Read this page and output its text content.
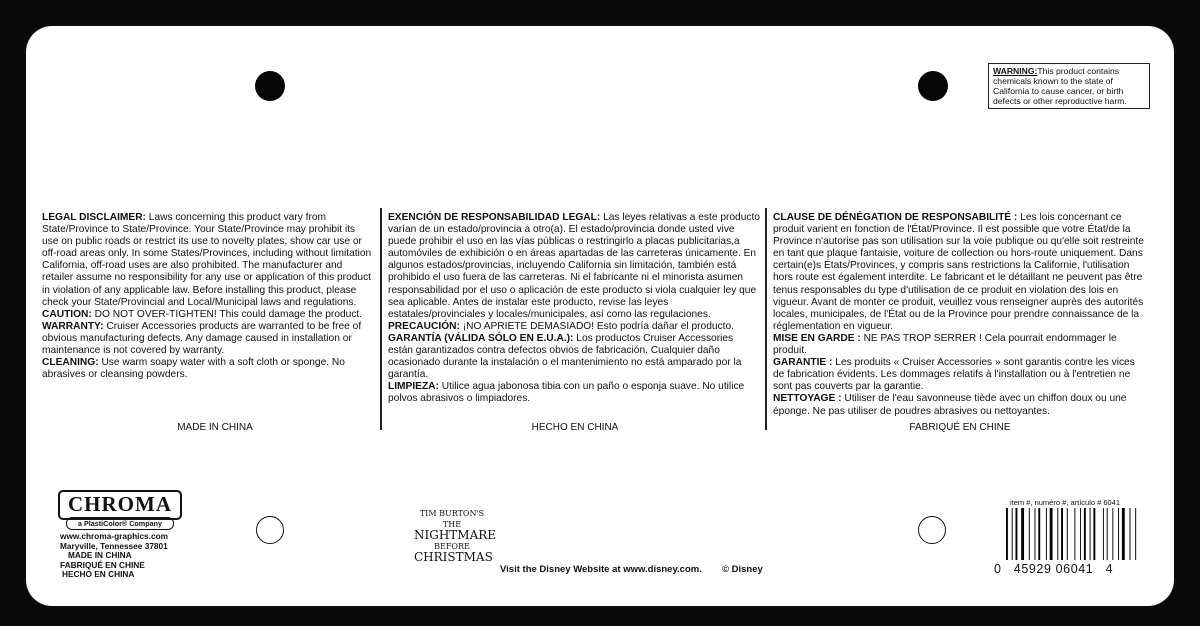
WARNING:This product contains chemicals known to the state of California to cause cancer, or birth defects or other reproductive harm.

LEGAL DISCLAIMER: Laws concerning this product vary from State/Province to State/Province. Your State/Province may prohibit its use on public roads or restrict its use to novelty plates, show car use or off-road areas only. In some States/Provinces, including without limitation California, off-road uses are also prohibited. The manufacturer and retailer assume no responsibility for any use or application of this product in violation of any applicable law. Before installing this product, please check your State/Provincial and Local/Municipal laws and regulations.

CAUTION: DO NOT OVER-TIGHTEN! This could damage the product.

WARRANTY: Cruiser Accessories products are warranted to be free of obvious manufacturing defects. Any damage caused in installation or maintenance is not covered by warranty.

CLEANING: Use warm soapy water with a soft cloth or sponge. No abrasives or cleansing powders.

MADE IN CHINA

EXENCIÓN DE RESPONSABILIDAD LEGAL: Las leyes relativas a este producto varían de un estado/provincia a otro(a). El estado/provincia donde usted vive puede prohibir el uso en las vías públicas o restringirlo a placas publicitarias,a automóviles de exhibición o en áreas apartadas de las carreteras únicamente. En algunos estados/provincias, incluyendo California sin limitación, también está prohibido el uso fuera de las carreteras. Ni el fabricante ni el minorista asumen responsabilidad por el uso o aplicación de este producto si viola cualquier ley que sea aplicable. Antes de instalar este producto, revise las leyes estatales/provinciales y locales/municipales, así como las regulaciones.

PRECAUCIÓN: ¡NO APRIETE DEMASIADO! Esto podría dañar el producto.

GARANTÍA (VÁLIDA SÓLO EN E.U.A.): Los productos Cruiser Accessories están garantizados contra defectos obvios de fabricación. Cualquier daño ocasionado durante la instalación o el mantenimiento no está amparado por la garantía.

LIMPIEZA: Utilice agua jabonosa tibia con un paño o esponja suave. No utilice polvos abrasivos o limpiadores.

HECHO EN CHINA

CLAUSE DE DÉNÉGATION DE RESPONSABILITÉ : Les lois concernant ce produit varient en fonction de l'État/Province. Il est possible que votre État/de la Province n'autorise pas son utilisation sur la voie publique ou qu'elle soit restreinte en tant que plaque fantaisie, voiture de collection ou hors-route uniquement. Dans certain(e)s États/Provinces, y compris sans restrictions la Californie, l'utilisation hors route est également interdite. Le fabricant et le détaillant ne peuvent pas être tenus responsables du type d'utilisation de ce produit en violation des lois en vigueur. Avant de monter ce produit, veuillez vous renseigner auprès des autorités locales, municipales, de l'État ou de la Province pour prendre connaissance de la réglementation en vigueur.

MISE EN GARDE : NE PAS TROP SERRER ! Cela pourrait endommager le produit.

GARANTIE : Les produits « Cruiser Accessories » sont garantis contre les vices de fabrication évidents. Les dommages relatifs à l'installation ou à l'entretien ne sont pas couverts par la garantie.

NETTOYAGE : Utiliser de l'eau savonneuse tiède avec un chiffon doux ou une éponge. Ne pas utiliser de poudres abrasives ou nettoyantes.

FABRIQUÉ EN CHINE
CHROMA
a PlastiColor® Company
www.chroma-graphics.com
Maryville, Tennessee 37801
MADE IN CHINA
FABRIQUÉ EN CHINE
HECHO EN CHINA
TIM BURTON'S
THE
NIGHTMARE
BEFORE
CHRISTMAS
Visit the Disney Website at www.disney.com. © Disney
item #, numéro #, artículo # 6041
0   45929 06041   4
